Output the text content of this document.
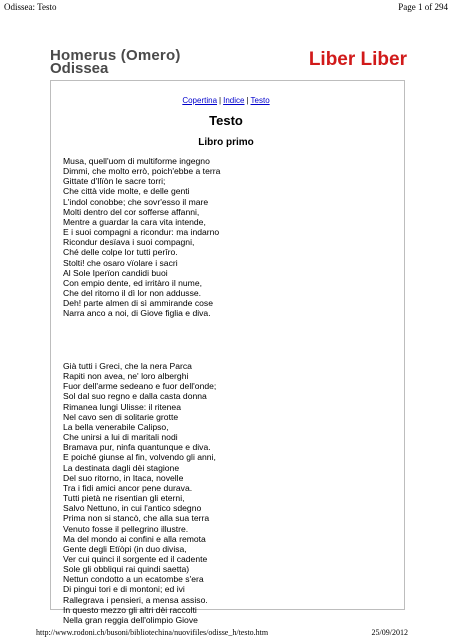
Odissea: Testo	Page 1 of 294
Homerus (Omero)
Odissea	Liber Liber
Copertina | Indice | Testo
Testo
Libro primo
Musa, quell'uom di multiforme ingegno
Dimmi, che molto errò, poich'ebbe a terra
Gittate d'Ilïòn le sacre torri;
Che città vide molte, e delle genti
L'indol conobbe; che sovr'esso il mare
Molti dentro del cor sofferse affanni,
Mentre a guardar la cara vita intende,
E i suoi compagni a ricondur: ma indarno
Ricondur desïava i suoi compagni,
Ché delle colpe lor tutti perîro.
Stolti! che osaro vïolare i sacri
Al Sole Iperïon candidi buoi
Con empio dente, ed irritàro il nume,
Che del ritorno il dì lor non addusse.
Deh! parte almen di sì ammirande cose
Narra anco a noi, di Giove figlia e diva.
Già tutti i Greci, che la nera Parca
Rapiti non avea, ne' loro alberghi
Fuor dell'arme sedeano e fuor dell'onde;
Sol dal suo regno e dalla casta donna
Rimanea lungi Ulisse: il ritenea
Nel cavo sen di solitarie grotte
La bella venerabile Calipso,
Che unirsi a lui di maritali nodi
Bramava pur, ninfa quantunque e diva.
E poiché giunse al fin, volvendo gli anni,
La destinata dagli dèi stagione
Del suo ritorno, in Itaca, novelle
Tra i fidi amici ancor pene durava.
Tutti pietà ne risentian gli eterni,
Salvo Nettuno, in cui l'antico sdegno
Prima non si stancò, che alla sua terra
Venuto fosse il pellegrino illustre.
Ma del mondo ai confini e alla remota
Gente degli Etïòpi (in duo divisa,
Ver cui quinci il sorgente ed il cadente
Sole gli obbliqui rai quindi saetta)
Nettun condotto a un ecatombe s'era
Di pingui tori e di montoni; ed ivi
Rallegrava i pensieri, a mensa assiso.
In questo mezzo gli altri dèi raccolti
Nella gran reggia dell'olimpio Giove
http://www.rodoni.ch/busoni/bibliotechina/nuovifiles/odisse_h/testo.htm	25/09/2012
